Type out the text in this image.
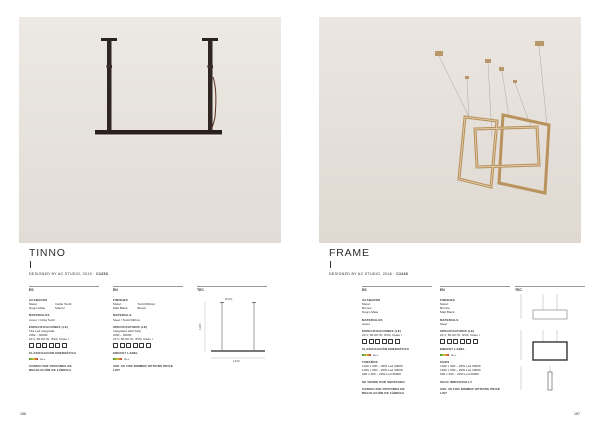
TINNO
DESIGNED BY AC STUDIO, 2019 · C1253
ES
ACABADOS
Metal:
Negro Mate
Cable Textil:
Marrón
MATERIALES
Acero / Cinta Textil
ESPECIFICACIONES (LE)
Tira Led Integrada
20W – 3000K
24 V, 50-60 Hz, IP20, Clase I
CLASIFICACIÓN ENERGÉTICA
A++
CONSULTAR OPCIONES DE REGULACIÓN DE FÁBRICA
EN
FINISHES
Metal:
Matt Black
Textil Ribbon:
Brown
MATERIALS
Steel / Textil Ribbon
SPECIFICATIONS (LE)
Integrated LED Strip
20W – 3000K
24 V, 50-60 Hz, IP20, Class I
ENERGY LABEL
A++
ASK US FOR DIMMER OPTIONS PRICE LIST
TEC
Ø120
1100
1400
156
FRAME
DESIGNED BY AC STUDIO, 2018 · C1246
ES
ACABADOS
Metal:
Bronce
Negro Mate
MATERIALES
Acero
ESPECIFICACIONES (LE)
24 V, 50-60 Hz, IP20, Clase I
CLASIFICACIÓN ENERGÉTICA
A++
TAMAÑOS
1400 x 600 – 26W Led 3000K
1200 x 500 – 20W Led 3000K
900 x 300 – 22W Led 3000K
SE VENDE POR SEPARADO
CONSULTAR OPCIONES DE REGULACIÓN DE FÁBRICA
EN
FINISHES
Metal:
Bronze
Matt Black
MATERIALS
Steel
SPECIFICATIONS (LE)
24 V, 50-60 Hz, IP20, Class I
ENERGY LABEL
A++
SIZES
1400 x 600 – 26W Led 3000K
1200 x 500 – 20W Led 3000K
900 x 300 – 22W Led 3000K
SOLD INDIVIDUALLY
ASK US FOR DIMMER OPTIONS PRICE LIST
TEC
157
